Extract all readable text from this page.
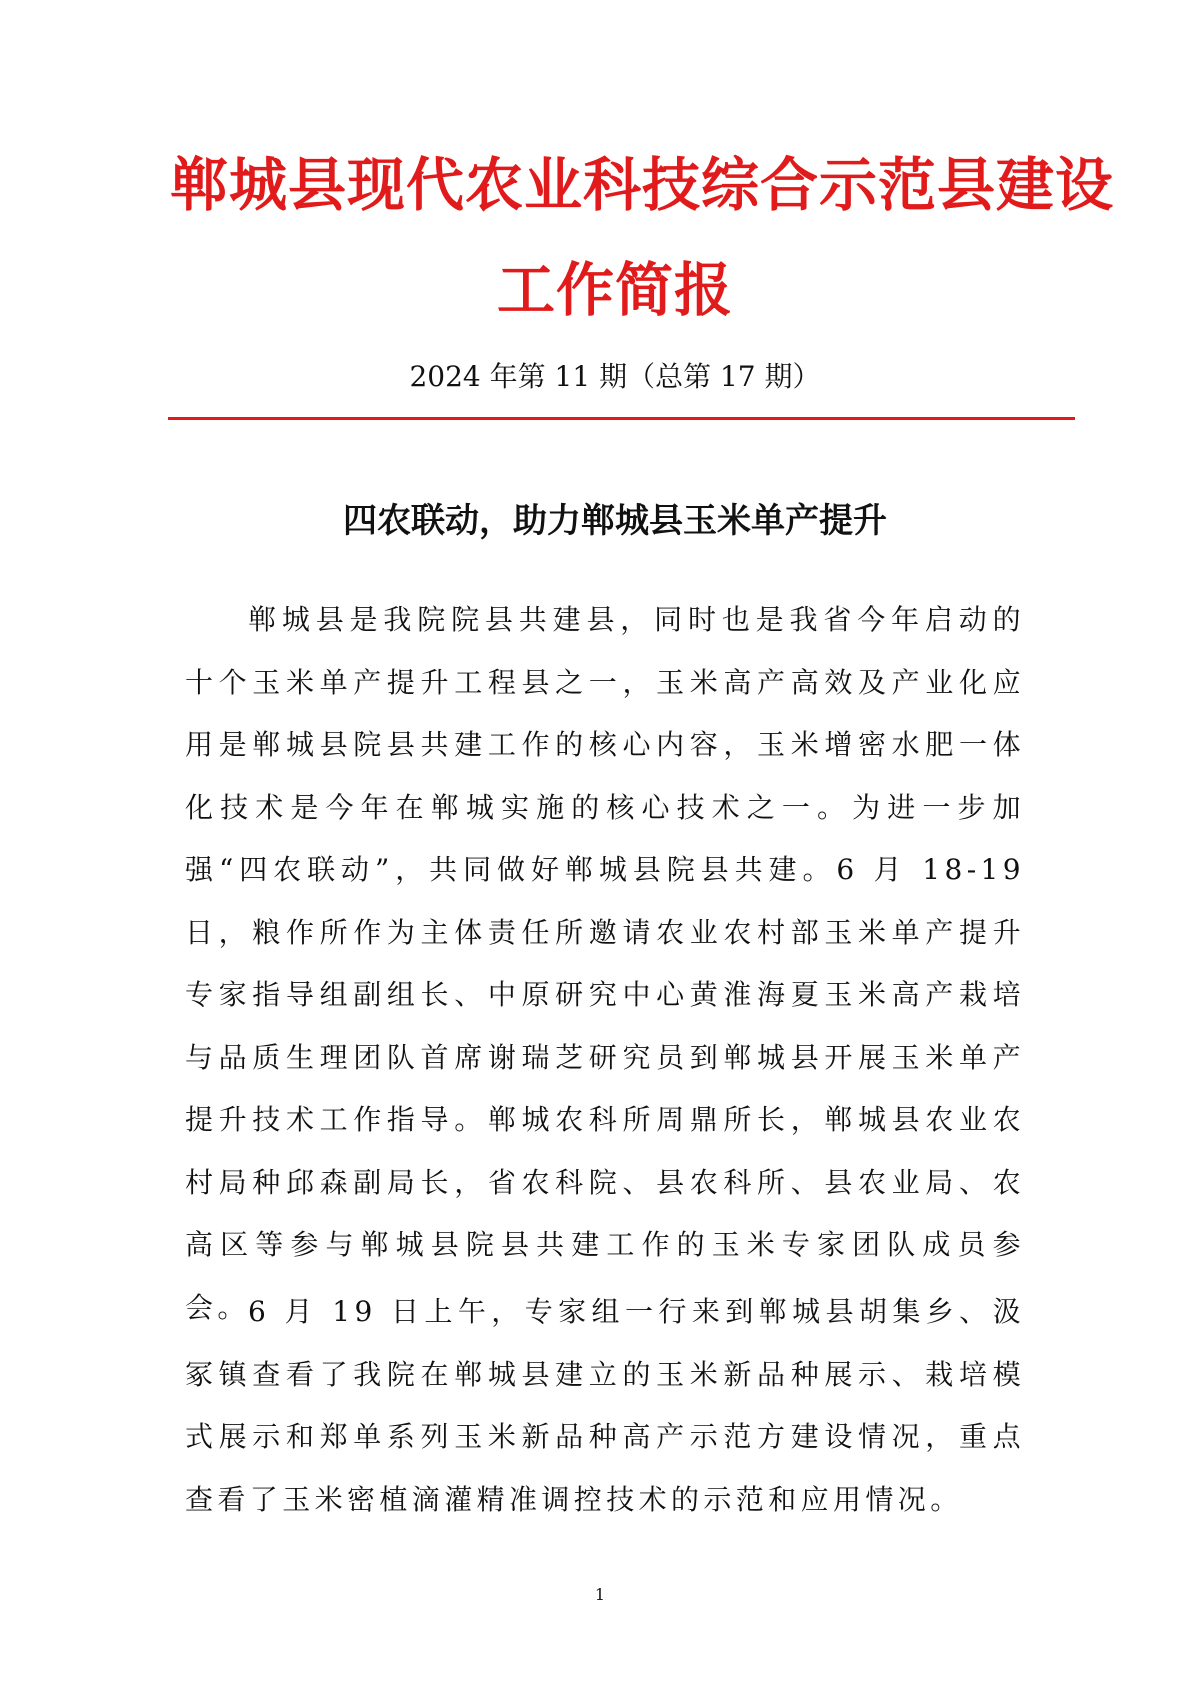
郸城县现代农业科技综合示范县建设
工作简报
2024 年第 11 期（总第 17 期）
四农联动，助力郸城县玉米单产提升

郸城县是我院院县共建县，同时也是我省今年启动的十个玉米单产提升工程县之一，玉米高产高效及产业化应用是郸城县院县共建工作的核心内容，玉米增密水肥一体化技术是今年在郸城实施的核心技术之一。为进一步加强“四农联动”，共同做好郸城县院县共建。6 月 18-19 日，粮作所作为主体责任所邀请农业农村部玉米单产提升专家指导组副组长、中原研究中心黄淮海夏玉米高产栽培与品质生理团队首席谢瑞芝研究员到郸城县开展玉米单产提升技术工作指导。郸城农科所周鼎所长，郸城县农业农村局种邱森副局长，省农科院、县农科所、县农业局、农高区等参与郸城县院县共建工作的玉米专家团队成员参会。

6 月 19 日上午，专家组一行来到郸城县胡集乡、汲冢镇查看了我院在郸城县建立的玉米新品种展示、栽培模式展示和郑单系列玉米新品种高产示范方建设情况，重点查看了玉米密植滴灌精准调控技术的示范和应用情况。

1
